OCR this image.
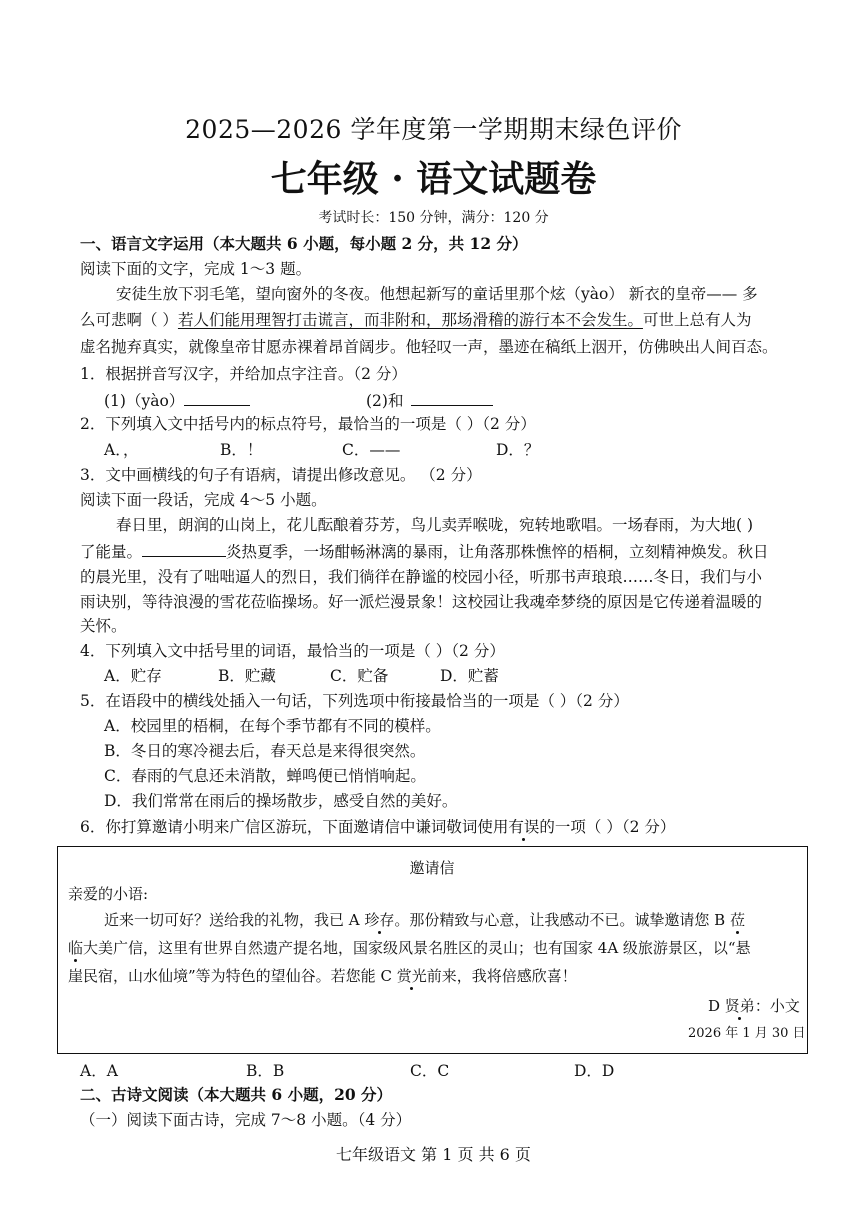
2025—2026 学年度第一学期期末绿色评价
七年级 · 语文试题卷
考试时长：150 分钟，满分：120 分
一、语言文字运用（本大题共 6 小题，每小题 2 分，共 12 分）
阅读下面的文字，完成 1～3 题。
安徒生放下羽毛笔，望向窗外的冬夜。他想起新写的童话里那个炫（yào） 新衣的皇帝—— 多
么可悲啊（ ）若人们能用理智打击谎言，而非附和，那场滑稽的游行本不会发生。可世上总有人为
虚名抛弃真实，就像皇帝甘愿赤裸着昂首阔步。他轻叹一声，墨迹在稿纸上洇开，仿佛映出人间百态。
1．根据拼音写汉字，并给加点字注音。（2 分）
(1)（yào）	(2)和
2．下列填入文中括号内的标点符号，最恰当的一项是（ ）（2 分）
A．，	B．！	C．——	D．？
3．文中画横线的句子有语病，请提出修改意见。 （2 分）
阅读下面一段话，完成 4～5 小题。
春日里，朗润的山岗上，花儿酝酿着芬芳，鸟儿卖弄喉咙，宛转地歌唱。一场春雨，为大地( )
了能量。	炎热夏季，一场酣畅淋漓的暴雨，让角落那株憔悴的梧桐，立刻精神焕发。秋日
的晨光里，没有了咄咄逼人的烈日，我们徜徉在静谧的校园小径，听那书声琅琅……冬日，我们与小
雨诀别，等待浪漫的雪花莅临操场。好一派烂漫景象！这校园让我魂牵梦绕的原因是它传递着温暖的
关怀。
4．下列填入文中括号里的词语，最恰当的一项是（ ）（2 分）
A．贮存	B．贮藏	C．贮备	D．贮蓄
5．在语段中的横线处插入一句话，下列选项中衔接最恰当的一项是（ ）（2 分）
A．校园里的梧桐，在每个季节都有不同的模样。
B．冬日的寒冷褪去后，春天总是来得很突然。
C．春雨的气息还未消散，蝉鸣便已悄悄响起。
D．我们常常在雨后的操场散步，感受自然的美好。
6．你打算邀请小明来广信区游玩，下面邀请信中谦词敬词使用有误的一项（ ）（2 分）
邀请信
亲爱的小语:
近来一切可好？送给我的礼物，我已 A 珍存。那份精致与心意，让我感动不已。诚挚邀请您 B 莅
临大美广信，这里有世界自然遗产提名地，国家级风景名胜区的灵山；也有国家 4A 级旅游景区，以“悬
崖民宿，山水仙境”等为特色的望仙谷。若您能 C 赏光前来，我将倍感欣喜！
D 贤弟：小文
2026 年 1 月 30 日
A．A	B．B	C．C	D．D
二、古诗文阅读（本大题共 6 小题，20 分）
（一）阅读下面古诗，完成 7～8 小题。（4 分）
七年级语文 第 1 页 共 6 页
